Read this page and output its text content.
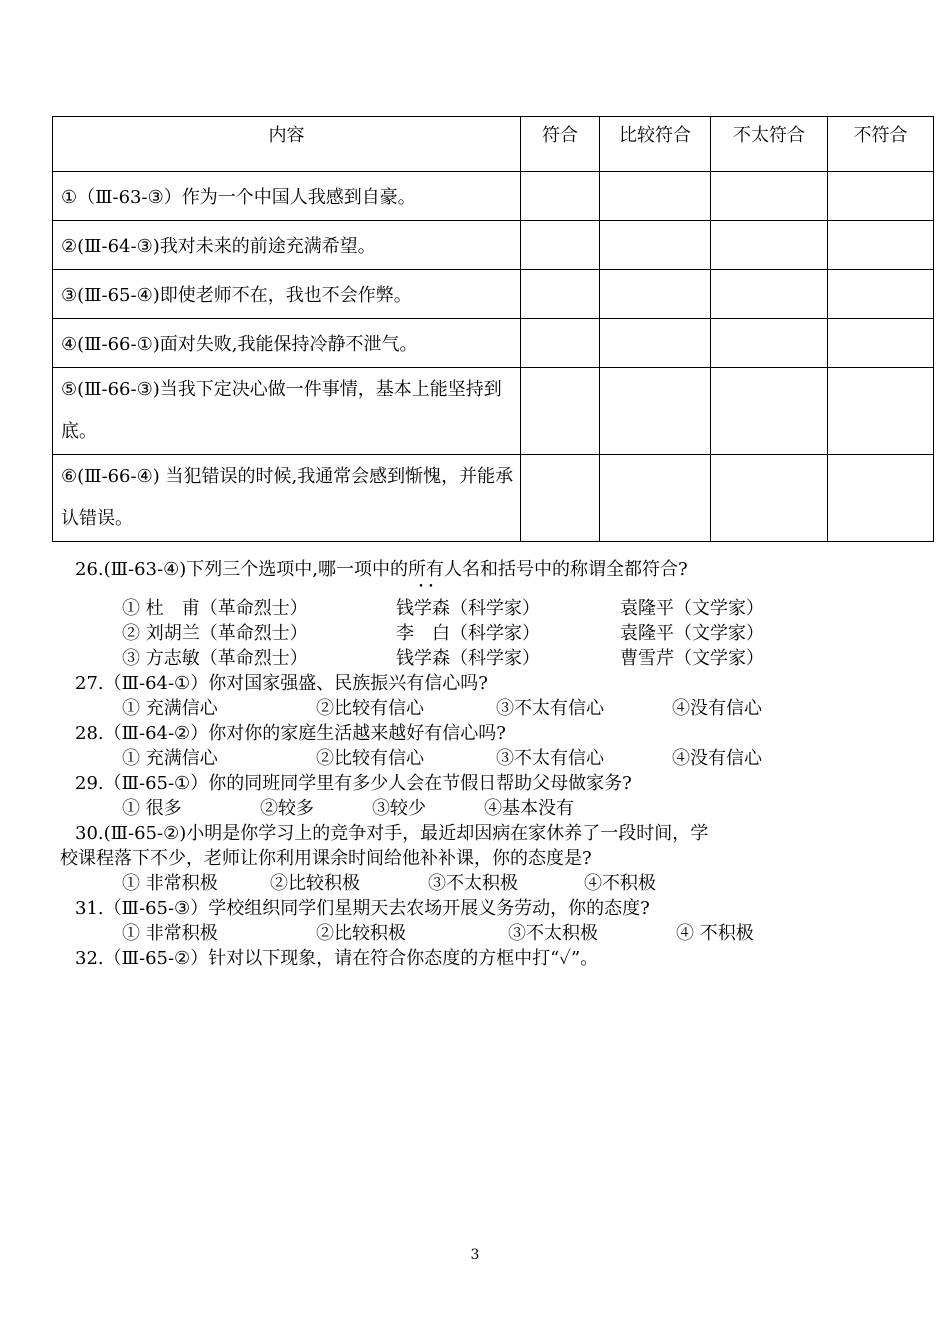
内容	符合	比较符合	不太符合	不符合
①（Ⅲ-63-③）作为一个中国人我感到自豪。				
②(Ⅲ-64-③)我对未来的前途充满希望。				
③(Ⅲ-65-④)即使老师不在，我也不会作弊。				
④(Ⅲ-66-①)面对失败,我能保持冷静不泄气。				
⑤(Ⅲ-66-③)当我下定决心做一件事情，基本上能坚持到底。				
⑥(Ⅲ-66-④) 当犯错误的时候,我通常会感到惭愧，并能承认错误。				
26.(Ⅲ-63-④)下列三个选项中,哪一项中的所有 • •人名和括号中的称谓全都符合?
① 杜　甫（革命烈士）	钱学森（科学家）	袁隆平（文学家）
② 刘胡兰（革命烈士）	李　白（科学家）	袁隆平（文学家）
③ 方志敏（革命烈士）	钱学森（科学家）	曹雪芹（文学家）
27.（Ⅲ-64-①）你对国家强盛、民族振兴有信心吗?
① 充满信心	②比较有信心	③不太有信心	④没有信心
28.（Ⅲ-64-②）你对你的家庭生活越来越好有信心吗?
① 充满信心	②比较有信心	③不太有信心	④没有信心
29.（Ⅲ-65-①）你的同班同学里有多少人会在节假日帮助父母做家务?
① 很多	②较多	③较少	④基本没有
30.(Ⅲ-65-②)小明是你学习上的竞争对手，最近却因病在家休养了一段时间，学
校课程落下不少，老师让你利用课余时间给他补补课，你的态度是?
① 非常积极	②比较积极	③不太积极	④不积极
31.（Ⅲ-65-③）学校组织同学们星期天去农场开展义务劳动，你的态度?
① 非常积极	②比较积极	③不太积极	④ 不积极
32.（Ⅲ-65-②）针对以下现象，请在符合你态度的方框中打“✓”。
3
